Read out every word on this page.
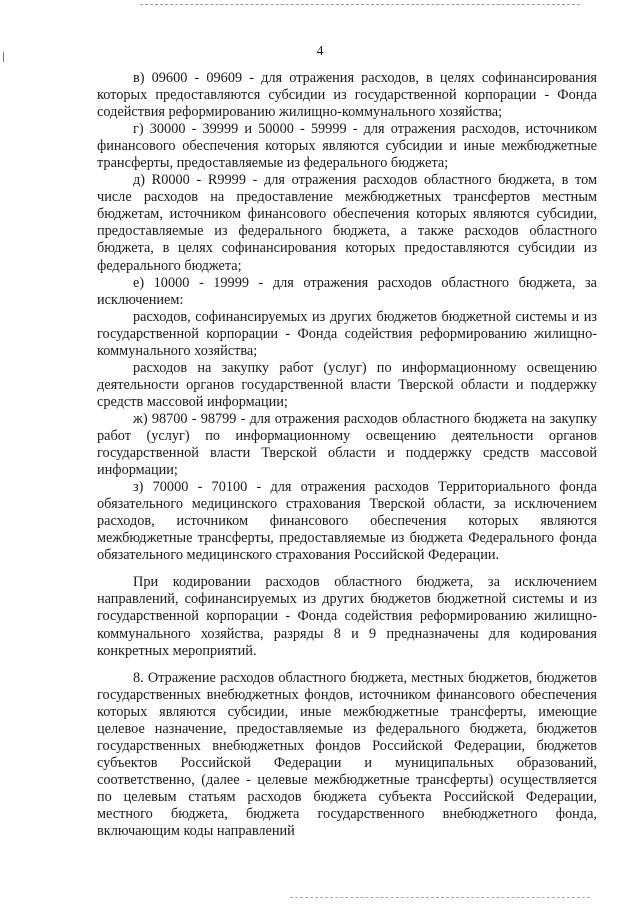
4

в) 09600 - 09609 - для отражения расходов, в целях софинансирования которых предоставляются субсидии из государственной корпорации - Фонда содействия реформированию жилищно-коммунального хозяйства;

г) 30000 - 39999 и 50000 - 59999 - для отражения расходов, источником финансового обеспечения которых являются субсидии и иные межбюджетные трансферты, предоставляемые из федерального бюджета;

д) R0000 - R9999 - для отражения расходов областного бюджета, в том числе расходов на предоставление межбюджетных трансфертов местным бюджетам, источником финансового обеспечения которых являются субсидии, предоставляемые из федерального бюджета, а также расходов областного бюджета, в целях софинансирования которых предоставляются субсидии из федерального бюджета;

е) 10000 - 19999 - для отражения расходов областного бюджета, за исключением:

расходов, софинансируемых из других бюджетов бюджетной системы и из государственной корпорации - Фонда содействия реформированию жилищно-коммунального хозяйства;

расходов на закупку работ (услуг) по информационному освещению деятельности органов государственной власти Тверской области и поддержку средств массовой информации;

ж) 98700 - 98799 - для отражения расходов областного бюджета на закупку работ (услуг) по информационному освещению деятельности органов государственной власти Тверской области и поддержку средств массовой информации;

з) 70000 - 70100 - для отражения расходов Территориального фонда обязательного медицинского страхования Тверской области, за исключением расходов, источником финансового обеспечения которых являются межбюджетные трансферты, предоставляемые из бюджета Федерального фонда обязательного медицинского страхования Российской Федерации.

При кодировании расходов областного бюджета, за исключением направлений, софинансируемых из других бюджетов бюджетной системы и из государственной корпорации - Фонда содействия реформированию жилищно-коммунального хозяйства, разряды 8 и 9 предназначены для кодирования конкретных мероприятий.

8. Отражение расходов областного бюджета, местных бюджетов, бюджетов государственных внебюджетных фондов, источником финансового обеспечения которых являются субсидии, иные межбюджетные трансферты, имеющие целевое назначение, предоставляемые из федерального бюджета, бюджетов государственных внебюджетных фондов Российской Федерации, бюджетов субъектов Российской Федерации и муниципальных образований, соответственно, (далее - целевые межбюджетные трансферты) осуществляется по целевым статьям расходов бюджета субъекта Российской Федерации, местного бюджета, бюджета государственного внебюджетного фонда, включающим коды направлений
